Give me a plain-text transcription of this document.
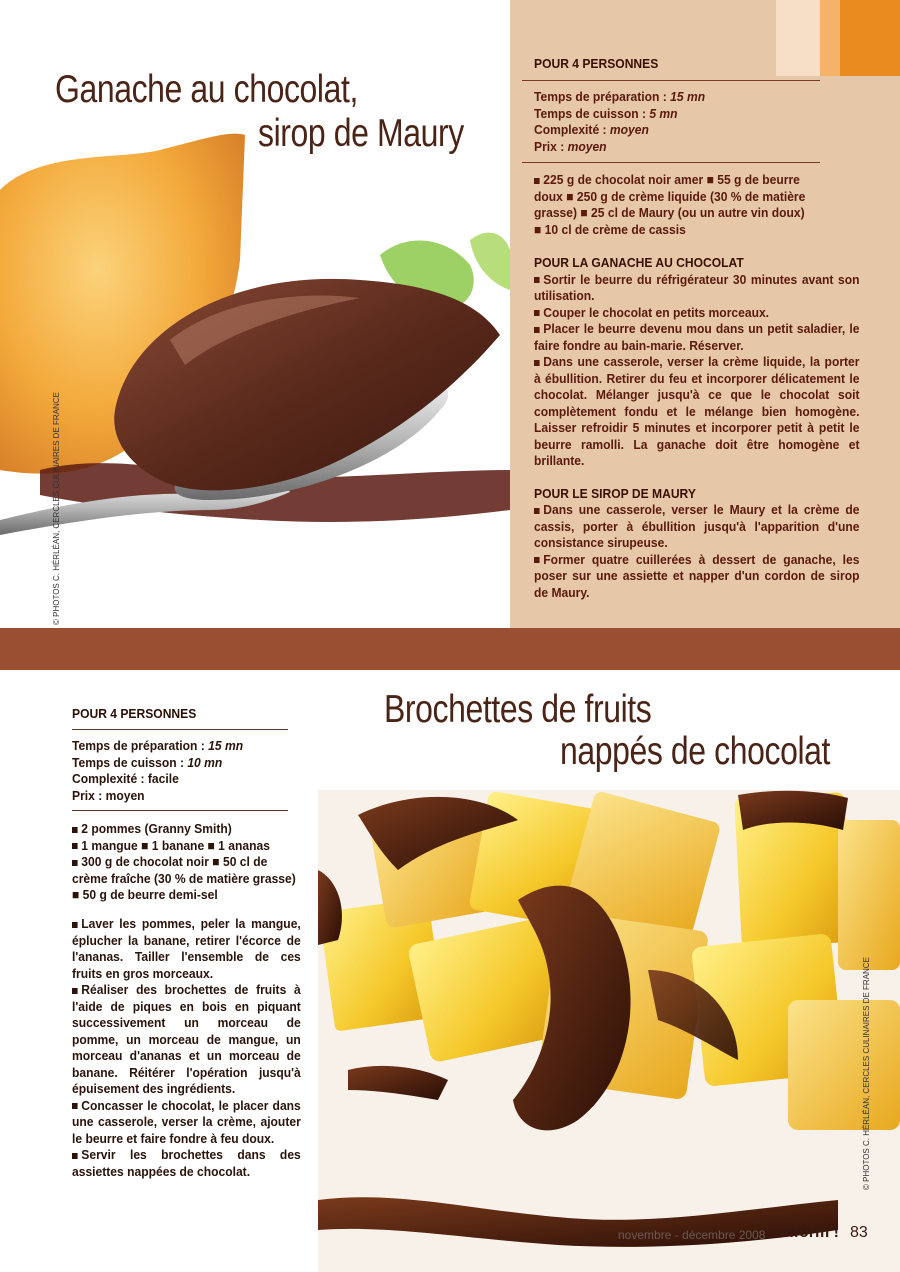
Ganache au chocolat,
sirop de Maury
© PHOTOS C. HÉRLÉAN, CERCLES CULINAIRES DE FRANCE
POUR 4 PERSONNES

Temps de préparation : 15 mn

Temps de cuisson : 5 mn

Complexité : moyen

Prix : moyen

225 g de chocolat noir amer ■ 55 g de beurre doux ■ 250 g de crème liquide (30 % de matière grasse) ■ 25 cl de Maury (ou un autre vin doux) ■ 10 cl de crème de cassis

POUR LA GANACHE AU CHOCOLAT

Sortir le beurre du réfrigérateur 30 minutes avant son utilisation.

Couper le chocolat en petits morceaux.

Placer le beurre devenu mou dans un petit saladier, le faire fondre au bain-marie. Réserver.

Dans une casserole, verser la crème liquide, la porter à ébullition. Retirer du feu et incorporer délicatement le chocolat. Mélanger jusqu'à ce que le chocolat soit complètement fondu et le mélange bien homogène. Laisser refroidir 5 minutes et incorporer petit à petit le beurre ramolli. La ganache doit être homogène et brillante.

POUR LE SIROP DE MAURY

Dans une casserole, verser le Maury et la crème de cassis, porter à ébullition jusqu'à l'apparition d'une consistance sirupeuse.

Former quatre cuillerées à dessert de ganache, les poser sur une assiette et napper d'un cordon de sirop de Maury.

Brochettes de fruits
nappés de chocolat
© PHOTOS C. HÉRLÉAN, CERCLES CULINAIRES DE FRANCE
POUR 4 PERSONNES

Temps de préparation : 15 mn

Temps de cuisson : 10 mn

Complexité : facile

Prix : moyen

2 pommes (Granny Smith)

1 mangue ■ 1 banane ■ 1 ananas

300 g de chocolat noir ■ 50 cl de crème fraîche (30 % de matière grasse) ■ 50 g de beurre demi-sel

Laver les pommes, peler la mangue, éplucher la banane, retirer l'écorce de l'ananas. Tailler l'ensemble de ces fruits en gros morceaux.

Réaliser des brochettes de fruits à l'aide de piques en bois en piquant successivement un morceau de pomme, un morceau de mangue, un morceau d'ananas et un morceau de banane. Réitérer l'opération jusqu'à épuisement des ingrédients.

Concasser le chocolat, le placer dans une casserole, verser la crème, ajouter le beurre et faire fondre à feu doux.

Servir les brochettes dans des assiettes nappées de chocolat.

novembre - décembre 2008 anform ! 83
